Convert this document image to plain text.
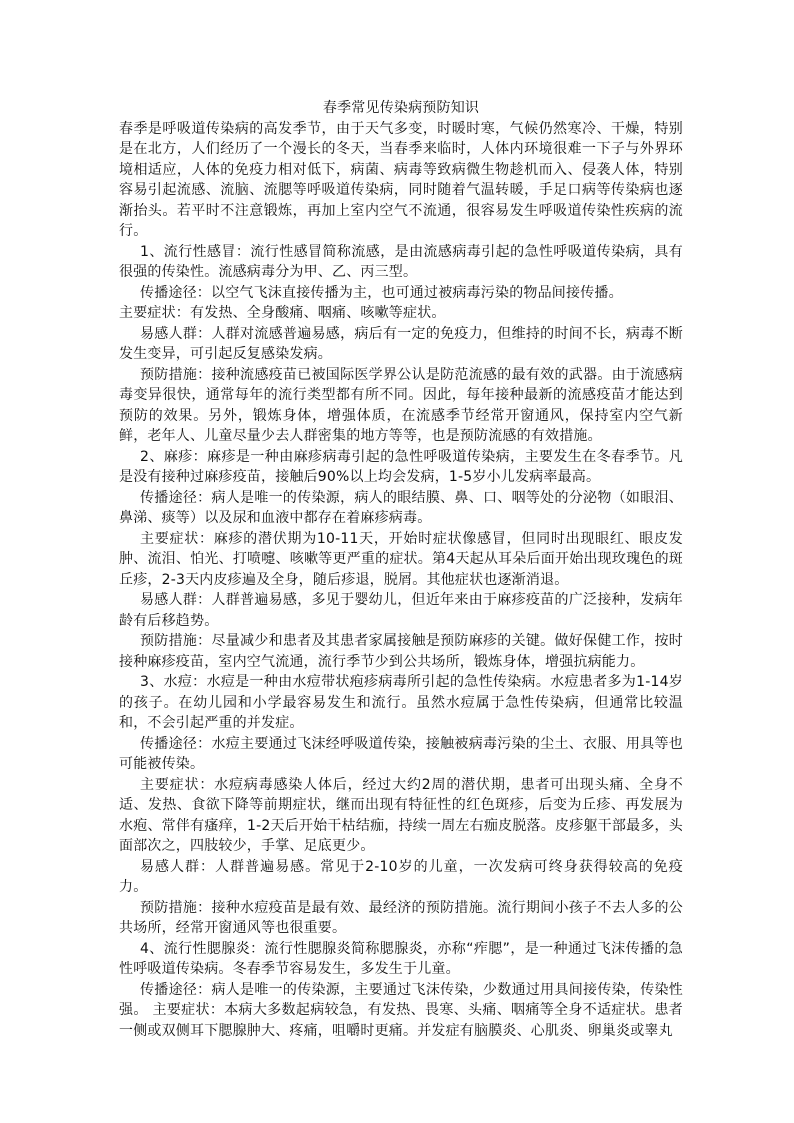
春季常见传染病预防知识

春季是呼吸道传染病的高发季节，由于天气多变，时暖时寒，气候仍然寒冷、干燥，特别是在北方，人们经历了一个漫长的冬天，当春季来临时，人体内环境很难一下子与外界环境相适应，人体的免疫力相对低下，病菌、病毒等致病微生物趁机而入、侵袭人体，特别容易引起流感、流脑、流腮等呼吸道传染病，同时随着气温转暖，手足口病等传染病也逐渐抬头。若平时不注意锻炼，再加上室内空气不流通，很容易发生呼吸道传染性疾病的流行。

1、流行性感冒：流行性感冒简称流感，是由流感病毒引起的急性呼吸道传染病，具有很强的传染性。流感病毒分为甲、乙、丙三型。

传播途径：以空气飞沫直接传播为主，也可通过被病毒污染的物品间接传播。

主要症状：有发热、全身酸痛、咽痛、咳嗽等症状。

易感人群：人群对流感普遍易感，病后有一定的免疫力，但维持的时间不长，病毒不断发生变异，可引起反复感染发病。

预防措施：接种流感疫苗已被国际医学界公认是防范流感的最有效的武器。由于流感病毒变异很快，通常每年的流行类型都有所不同。因此，每年接种最新的流感疫苗才能达到预防的效果。另外，锻炼身体，增强体质，在流感季节经常开窗通风，保持室内空气新鲜，老年人、儿童尽量少去人群密集的地方等等，也是预防流感的有效措施。

2、麻疹：麻疹是一种由麻疹病毒引起的急性呼吸道传染病，主要发生在冬春季节。凡是没有接种过麻疹疫苗，接触后90%以上均会发病，1-5岁小儿发病率最高。

传播途径：病人是唯一的传染源，病人的眼结膜、鼻、口、咽等处的分泌物（如眼泪、鼻涕、痰等）以及尿和血液中都存在着麻疹病毒。

主要症状：麻疹的潜伏期为10-11天，开始时症状像感冒，但同时出现眼红、眼皮发肿、流泪、怕光、打喷嚏、咳嗽等更严重的症状。第4天起从耳朵后面开始出现玫瑰色的斑丘疹，2-3天内皮疹遍及全身，随后疹退，脱屑。其他症状也逐渐消退。

易感人群：人群普遍易感，多见于婴幼儿，但近年来由于麻疹疫苗的广泛接种，发病年龄有后移趋势。

预防措施：尽量减少和患者及其患者家属接触是预防麻疹的关键。做好保健工作，按时接种麻疹疫苗，室内空气流通，流行季节少到公共场所，锻炼身体，增强抗病能力。

3、水痘：水痘是一种由水痘带状疱疹病毒所引起的急性传染病。水痘患者多为1-14岁的孩子。在幼儿园和小学最容易发生和流行。虽然水痘属于急性传染病，但通常比较温和，不会引起严重的并发症。

传播途径：水痘主要通过飞沫经呼吸道传染，接触被病毒污染的尘土、衣服、用具等也可能被传染。

主要症状：水痘病毒感染人体后，经过大约2周的潜伏期，患者可出现头痛、全身不适、发热、食欲下降等前期症状，继而出现有特征性的红色斑疹，后变为丘疹、再发展为水疱、常伴有瘙痒，1-2天后开始干枯结痂，持续一周左右痂皮脱落。皮疹躯干部最多，头面部次之，四肢较少，手掌、足底更少。

易感人群：人群普遍易感。常见于2-10岁的儿童，一次发病可终身获得较高的免疫力。

预防措施：接种水痘疫苗是最有效、最经济的预防措施。流行期间小孩子不去人多的公共场所，经常开窗通风等也很重要。

4、流行性腮腺炎：流行性腮腺炎简称腮腺炎，亦称“痄腮”，是一种通过飞沫传播的急性呼吸道传染病。冬春季节容易发生，多发生于儿童。

传播途径：病人是唯一的传染源，主要通过飞沫传染，少数通过用具间接传染，传染性强。 主要症状：本病大多数起病较急，有发热、畏寒、头痛、咽痛等全身不适症状。患者一侧或双侧耳下腮腺肿大、疼痛，咀嚼时更痛。并发症有脑膜炎、心肌炎、卵巢炎或睾丸
